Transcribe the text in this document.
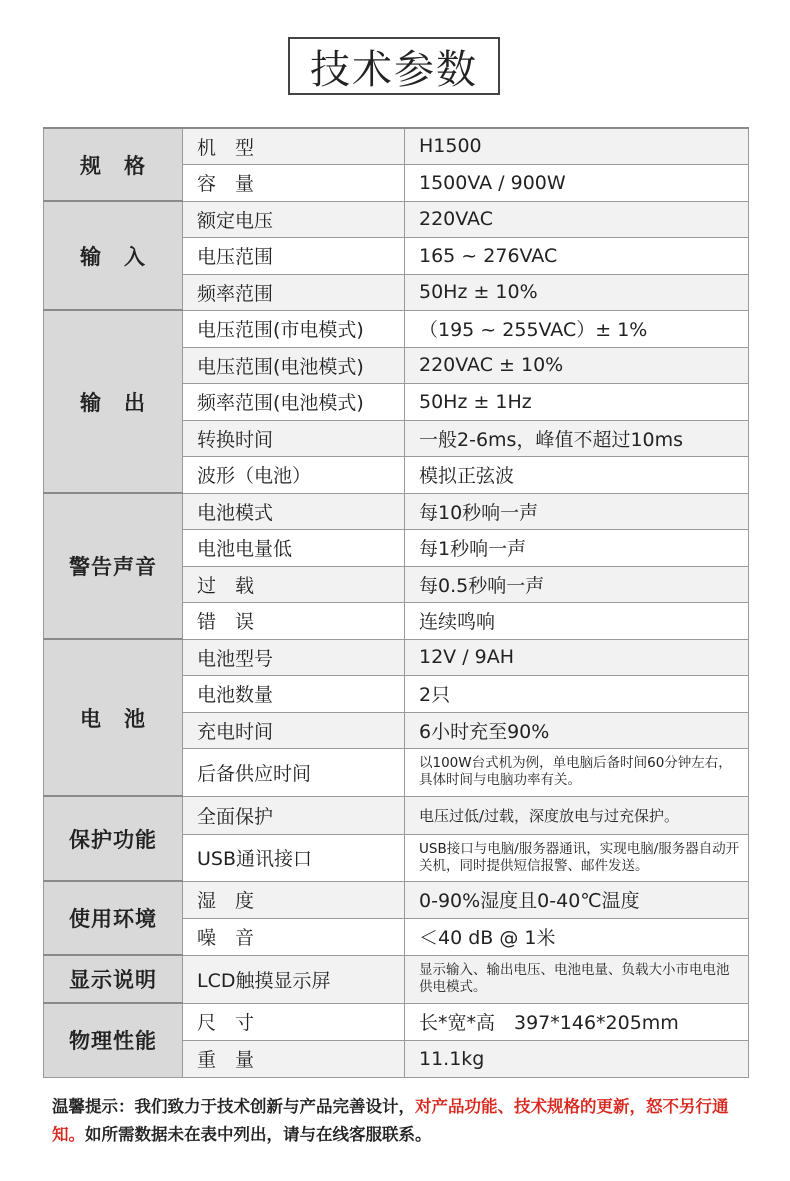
技术参数
规　格	机　型	H1500
	容　量	1500VA / 900W
输　入	额定电压	220VAC
	电压范围	165 ~ 276VAC
	频率范围	50Hz ± 10%
输　出	电压范围(市电模式)	（195 ~ 255VAC）± 1%
	电压范围(电池模式)	220VAC ± 10%
	频率范围(电池模式)	50Hz ± 1Hz
	转换时间	一般2-6ms，峰值不超过10ms
	波形（电池）	模拟正弦波
警告声音	电池模式	每10秒响一声
	电池电量低	每1秒响一声
	过　载	每0.5秒响一声
	错　误	连续鸣响
电　池	电池型号	12V / 9AH
	电池数量	2只
	充电时间	6小时充至90%
	后备供应时间	以100W台式机为例，单电脑后备时间60分钟左右，具体时间与电脑功率有关。
保护功能	全面保护	电压过低/过载，深度放电与过充保护。
	USB通讯接口	USB接口与电脑/服务器通讯，实现电脑/服务器自动开关机，同时提供短信报警、邮件发送。
使用环境	湿　度	0-90%湿度且0-40℃温度
	噪　音	＜40 dB @ 1米
显示说明	LCD触摸显示屏	显示输入、输出电压、电池电量、负载大小市电电池供电模式。
物理性能	尺　寸	长*宽*高　397*146*205mm
	重　量	11.1kg
温馨提示：我们致力于技术创新与产品完善设计，对产品功能、技术规格的更新，怒不另行通知。如所需数据未在表中列出，请与在线客服联系。
